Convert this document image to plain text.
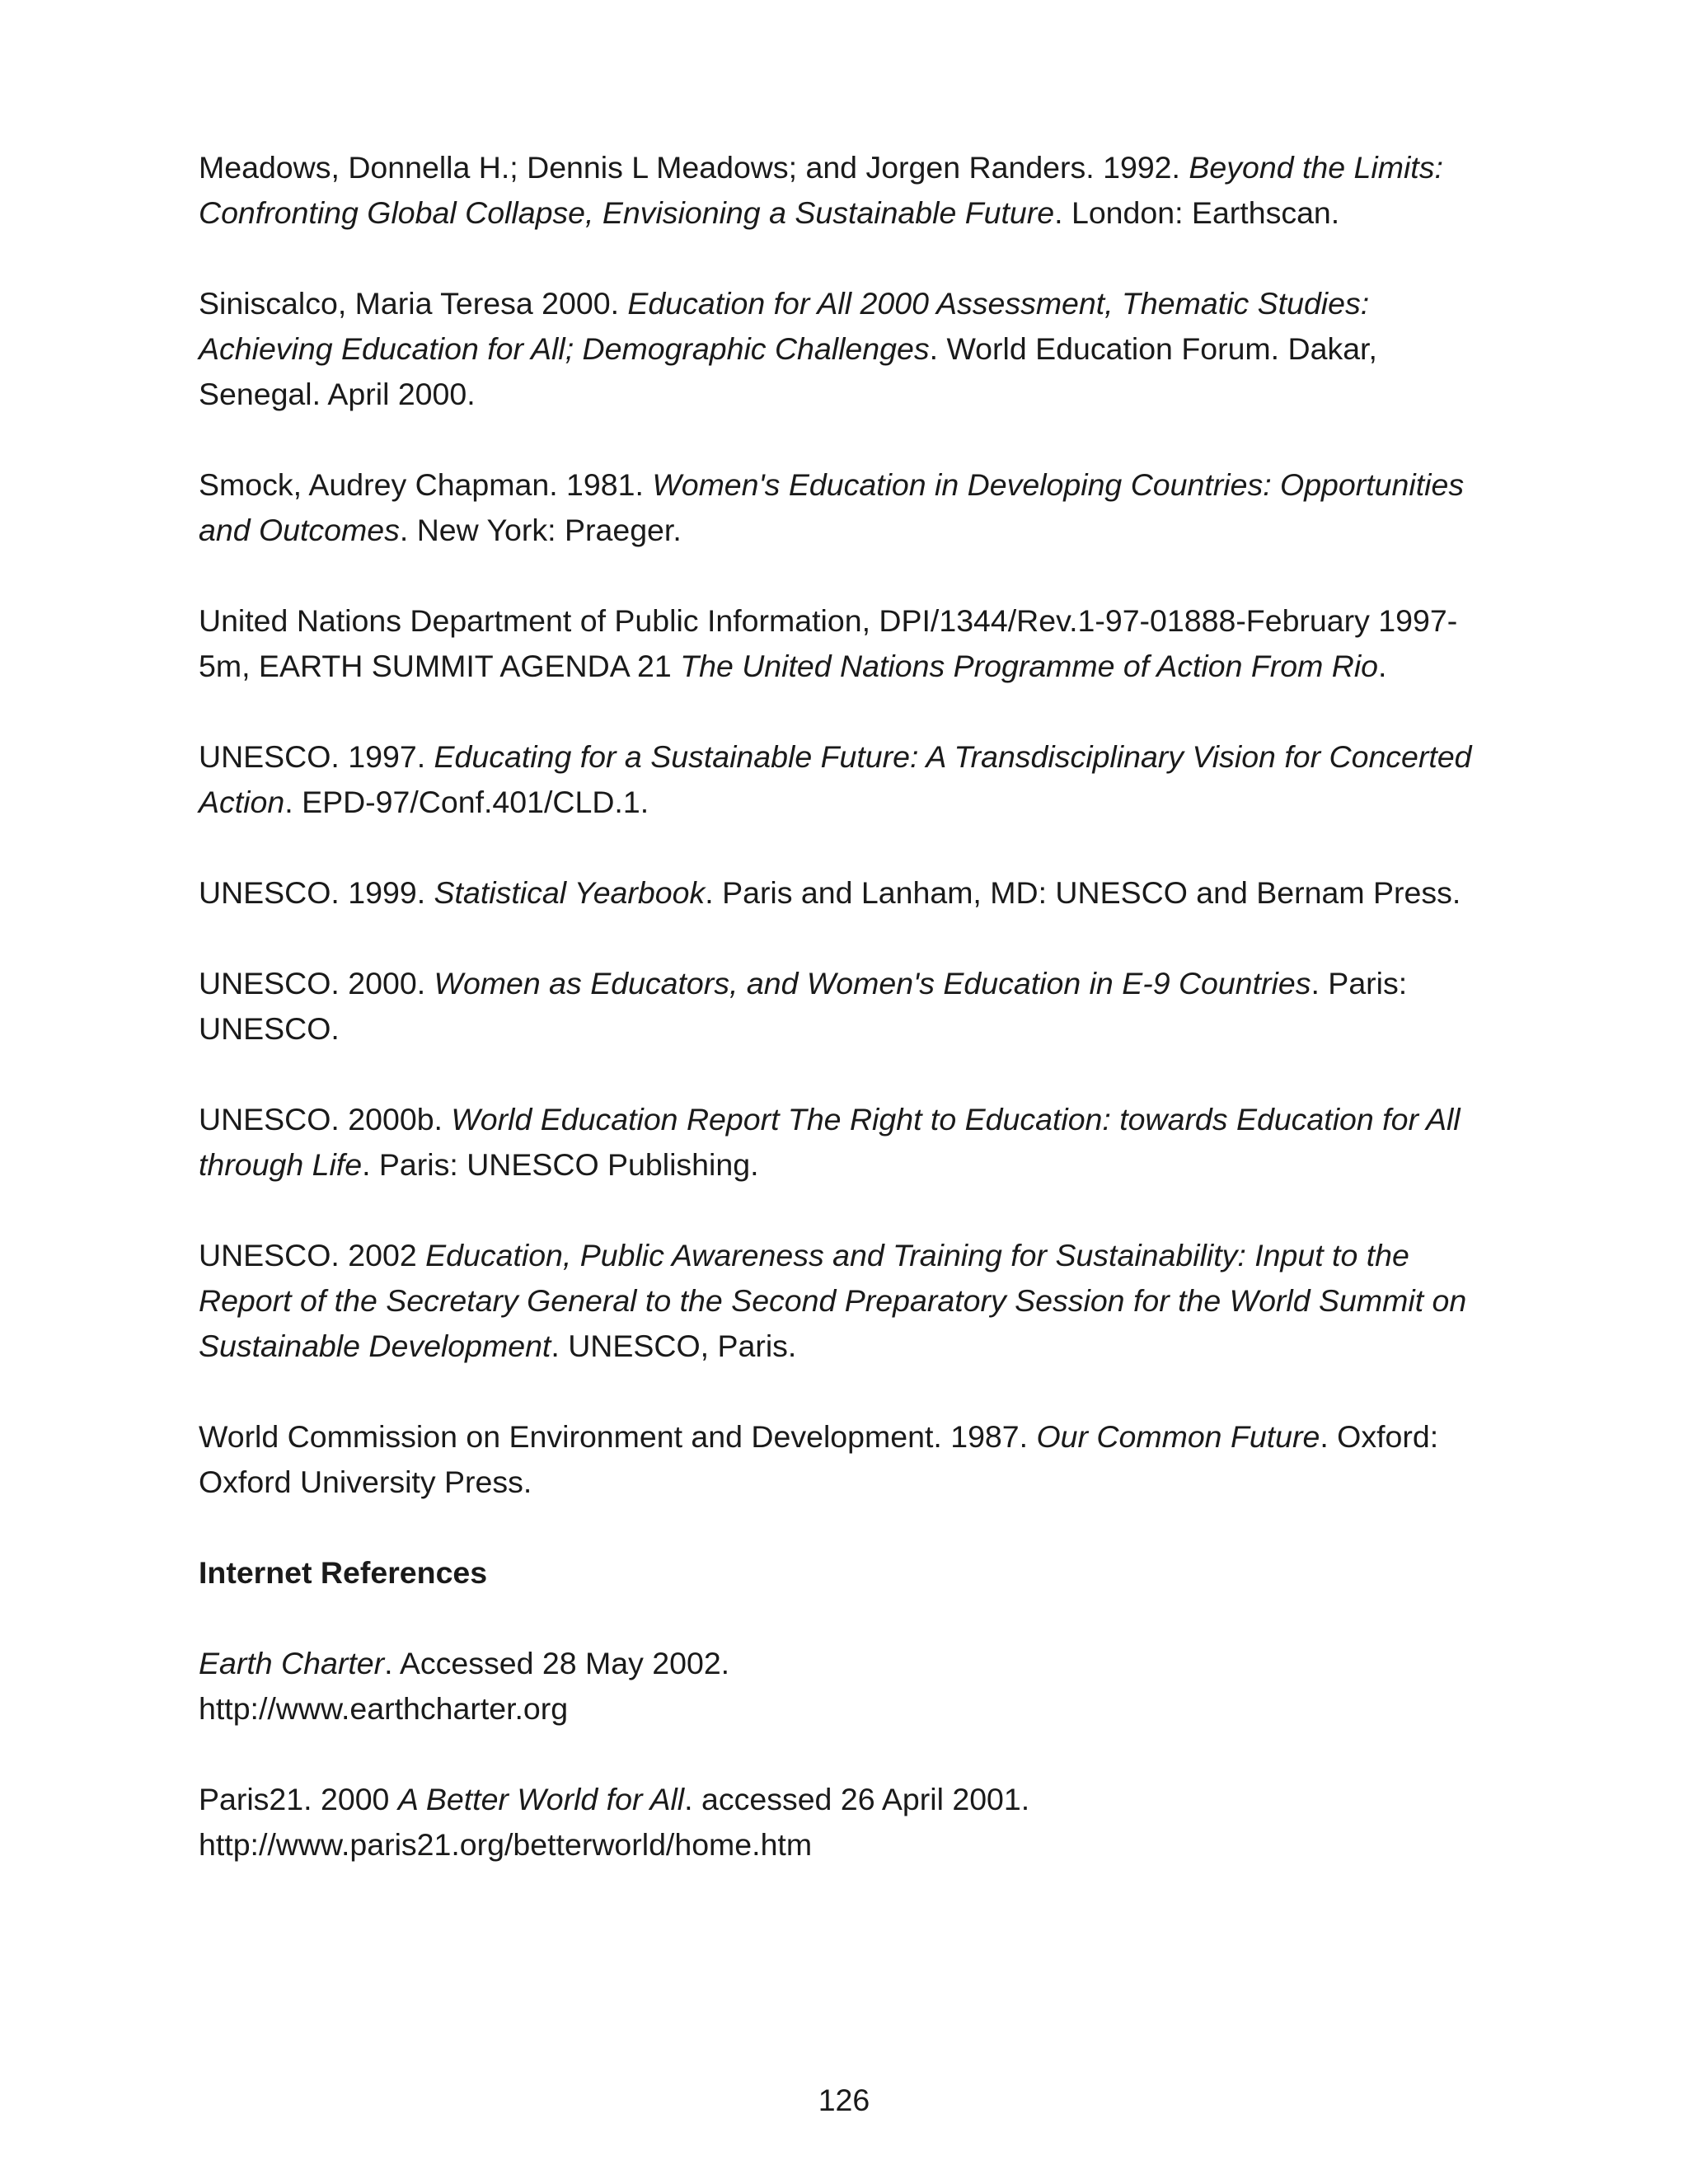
Meadows, Donnella H.; Dennis L Meadows; and Jorgen Randers. 1992. Beyond the Limits: Confronting Global Collapse, Envisioning a Sustainable Future. London: Earthscan.

Siniscalco, Maria Teresa 2000. Education for All 2000 Assessment, Thematic Studies: Achieving Education for All; Demographic Challenges. World Education Forum. Dakar, Senegal. April 2000.

Smock, Audrey Chapman. 1981. Women's Education in Developing Countries: Opportunities and Outcomes. New York: Praeger.

United Nations Department of Public Information, DPI/1344/Rev.1-97-01888-February 1997-5m, EARTH SUMMIT AGENDA 21 The United Nations Programme of Action From Rio.

UNESCO. 1997. Educating for a Sustainable Future: A Transdisciplinary Vision for Concerted Action. EPD-97/Conf.401/CLD.1.

UNESCO. 1999. Statistical Yearbook. Paris and Lanham, MD: UNESCO and Bernam Press.

UNESCO. 2000. Women as Educators, and Women's Education in E-9 Countries. Paris: UNESCO.

UNESCO. 2000b. World Education Report The Right to Education: towards Education for All through Life. Paris: UNESCO Publishing.

UNESCO. 2002 Education, Public Awareness and Training for Sustainability: Input to the Report of the Secretary General to the Second Preparatory Session for the World Summit on Sustainable Development. UNESCO, Paris.

World Commission on Environment and Development. 1987. Our Common Future. Oxford: Oxford University Press.

Internet References

Earth Charter. Accessed 28 May 2002.
http://www.earthcharter.org

Paris21. 2000 A Better World for All. accessed 26 April 2001.
http://www.paris21.org/betterworld/home.htm

126
